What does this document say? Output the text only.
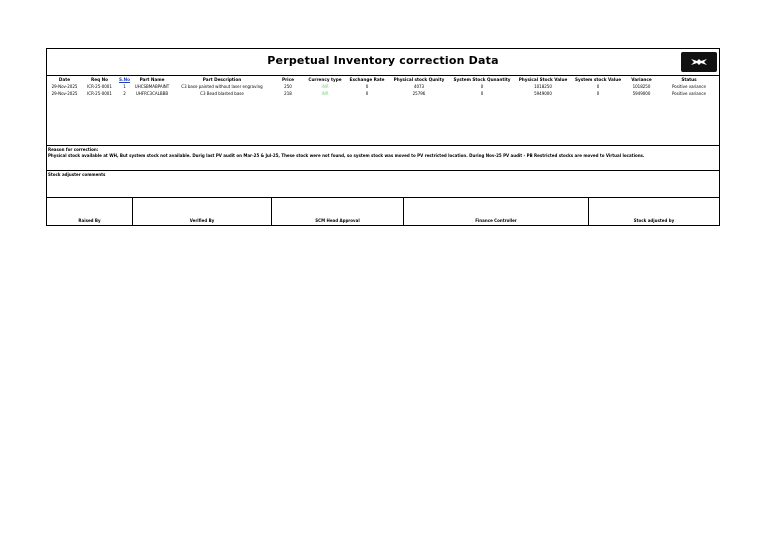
Perpetual Inventory correction Data
Date	Req No	S.No	Part Name	Part Description	Price	Currency type	Exchange Rate	Physical stock Qunity	System Stock Qunantity	Physical Stock Value	System stock Value	Variance	Status
29-Nov-2025	ICR-25-0001	1	UHCSBMABPAINT	C3 base painted without laser engraving	250	INR	0	4073	0	1018250	0	1018250	Positive variance
29-Nov-2025	ICR-25-0001	2	UHFRC3CALBBB	C3 Bead blasted base	218	INR	0	25796	0	5949000	0	5949000	Positive variance
Reason for correction:
Physical stock available at WH, But system stock not available. Durig last PV audit on Mar-25 & Jul-25, These stock were not found, so system stock was moved to PV restricted location. During Nov-25 PV audit - PB Restricted stocks are moved to Virtual locations.
Stock adjuster comments
Raised By	Verified By	SCM Head Approval	Finance Controller	Stock adjusted by
